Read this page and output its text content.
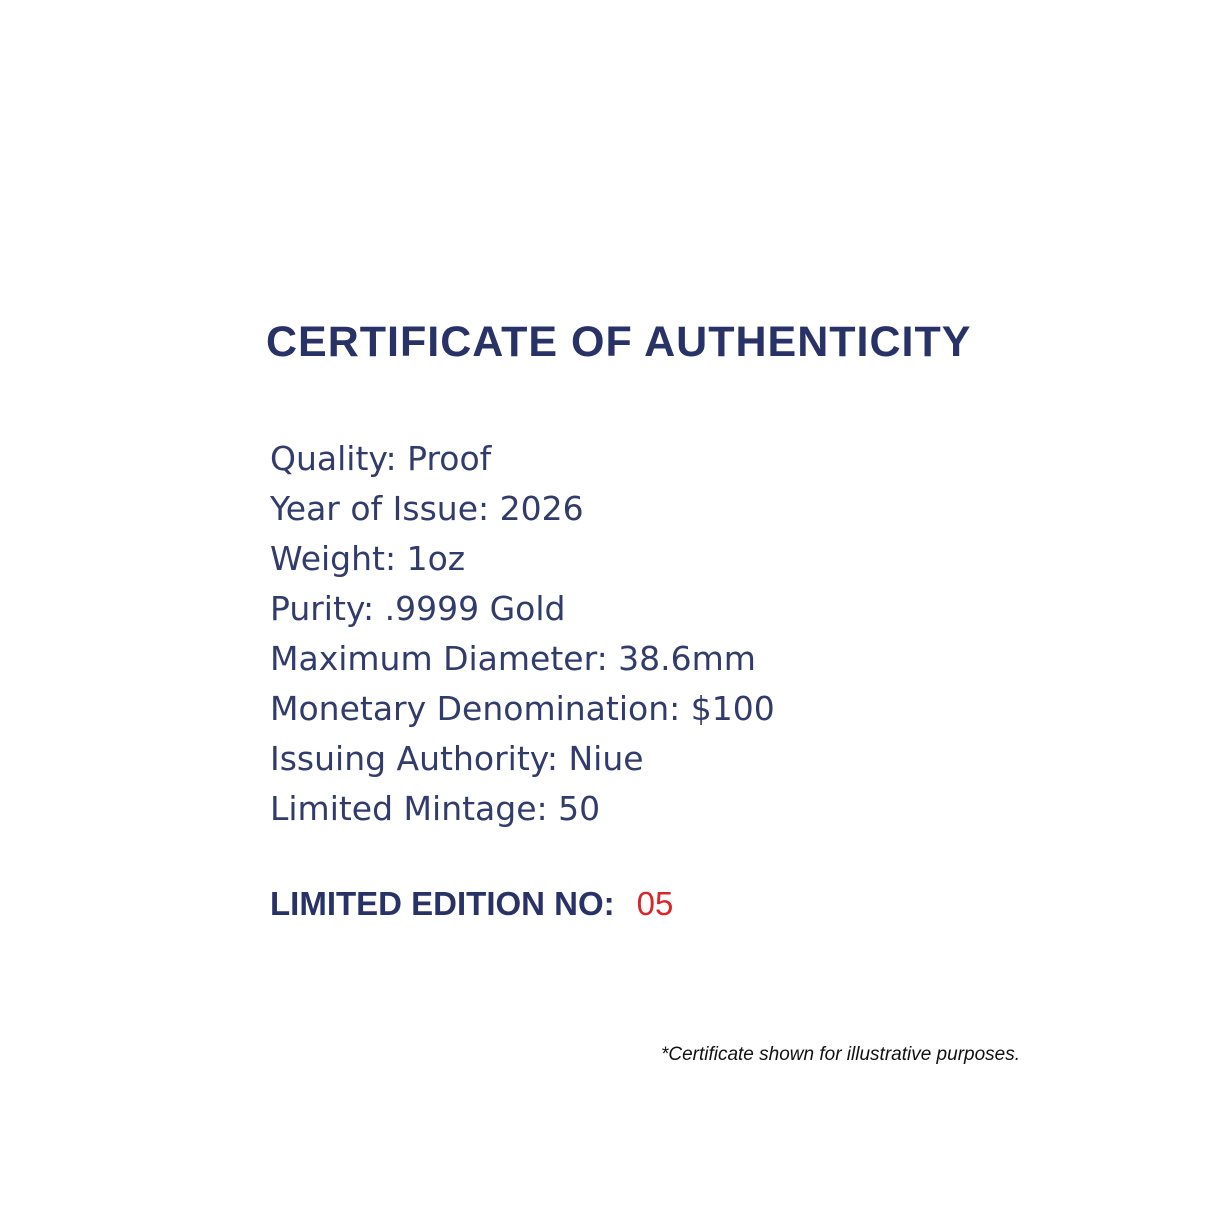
CERTIFICATE OF AUTHENTICITY
Quality: Proof
Year of Issue: 2026
Weight: 1oz
Purity: .9999 Gold
Maximum Diameter: 38.6mm
Monetary Denomination: $100
Issuing Authority: Niue
Limited Mintage: 50

LIMITED EDITION NO: 05

*Certificate shown for illustrative purposes.
